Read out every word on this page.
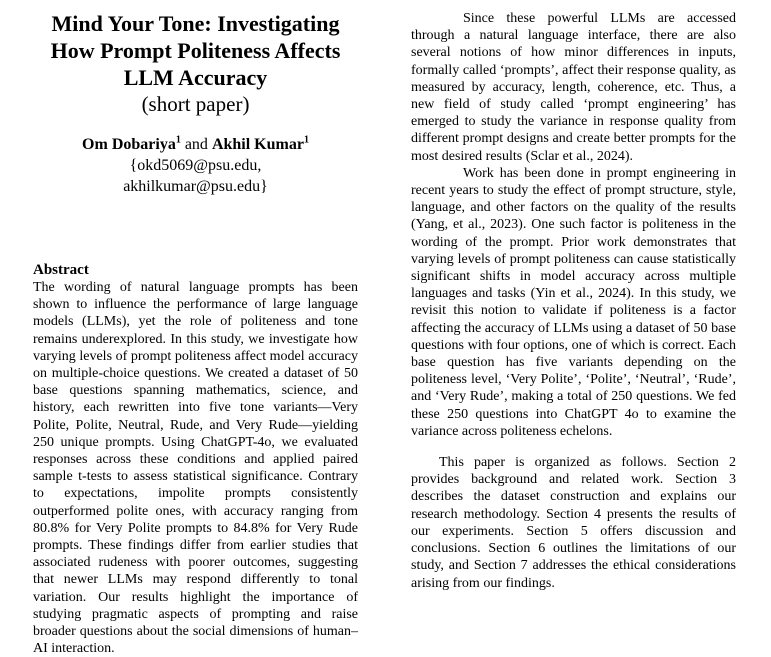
Mind Your Tone: Investigating
How Prompt Politeness Affects
LLM Accuracy

(short paper)

Om Dobariya$^1$ and Akhil Kumar$^1$

{okd5069@psu.edu,

akhilkumar@psu.edu}

Abstract

The wording of natural language prompts has been shown to influence the performance of large language models (LLMs), yet the role of politeness and tone remains underexplored. In this study, we investigate how varying levels of prompt politeness affect model accuracy on multiple-choice questions. We created a dataset of 50 base questions spanning mathematics, science, and history, each rewritten into five tone variants—Very Polite, Polite, Neutral, Rude, and Very Rude—yielding 250 unique prompts. Using ChatGPT-4o, we evaluated responses across these conditions and applied paired sample t-tests to assess statistical significance. Contrary to expectations, impolite prompts consistently outperformed polite ones, with accuracy ranging from 80.8% for Very Polite prompts to 84.8% for Very Rude prompts. These findings differ from earlier studies that associated rudeness with poorer outcomes, suggesting that newer LLMs may respond differently to tonal variation. Our results highlight the importance of studying pragmatic aspects of prompting and raise broader questions about the social dimensions of human–AI interaction.

Since these powerful LLMs are accessed through a natural language interface, there are also several notions of how minor differences in inputs, formally called ‘prompts’, affect their response quality, as measured by accuracy, length, coherence, etc. Thus, a new field of study called ‘prompt engineering’ has emerged to study the variance in response quality from different prompt designs and create better prompts for the most desired results (Sclar et al., 2024).

Work has been done in prompt engineering in recent years to study the effect of prompt structure, style, language, and other factors on the quality of the results (Yang, et al., 2023). One such factor is politeness in the wording of the prompt. Prior work demonstrates that varying levels of prompt politeness can cause statistically significant shifts in model accuracy across multiple languages and tasks (Yin et al., 2024). In this study, we revisit this notion to validate if politeness is a factor affecting the accuracy of LLMs using a dataset of 50 base questions with four options, one of which is correct. Each base question has five variants depending on the politeness level, ‘Very Polite’, ‘Polite’, ‘Neutral’, ‘Rude’, and ‘Very Rude’, making a total of 250 questions. We fed these 250 questions into ChatGPT 4o to examine the variance across politeness echelons.

This paper is organized as follows. Section 2 provides background and related work. Section 3 describes the dataset construction and explains our research methodology. Section 4 presents the results of our experiments. Section 5 offers discussion and conclusions. Section 6 outlines the limitations of our study, and Section 7 addresses the ethical considerations arising from our findings.
